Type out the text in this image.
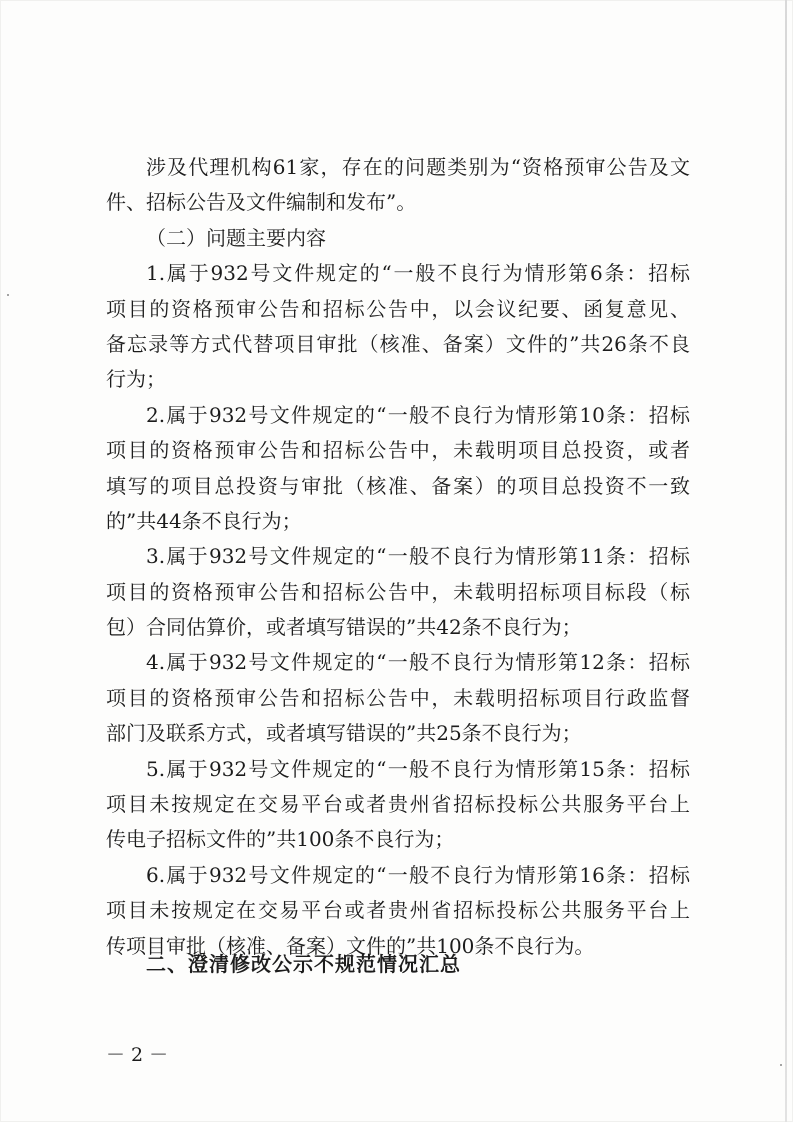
涉及代理机构61家，存在的问题类别为“资格预审公告及文
件、招标公告及文件编制和发布”。
（二）问题主要内容
1.属于932号文件规定的“一般不良行为情形第6条：招标
项目的资格预审公告和招标公告中，以会议纪要、函复意见、
备忘录等方式代替项目审批（核准、备案）文件的”共26条不良
行为；
2.属于932号文件规定的“一般不良行为情形第10条：招标
项目的资格预审公告和招标公告中，未载明项目总投资，或者
填写的项目总投资与审批（核准、备案）的项目总投资不一致
的”共44条不良行为；
3.属于932号文件规定的“一般不良行为情形第11条：招标
项目的资格预审公告和招标公告中，未载明招标项目标段（标
包）合同估算价，或者填写错误的”共42条不良行为；
4.属于932号文件规定的“一般不良行为情形第12条：招标
项目的资格预审公告和招标公告中，未载明招标项目行政监督
部门及联系方式，或者填写错误的”共25条不良行为；
5.属于932号文件规定的“一般不良行为情形第15条：招标
项目未按规定在交易平台或者贵州省招标投标公共服务平台上
传电子招标文件的”共100条不良行为；
6.属于932号文件规定的“一般不良行为情形第16条：招标
项目未按规定在交易平台或者贵州省招标投标公共服务平台上
传项目审批（核准、备案）文件的”共100条不良行为。
二、澄清修改公示不规范情况汇总
－ 2 －
